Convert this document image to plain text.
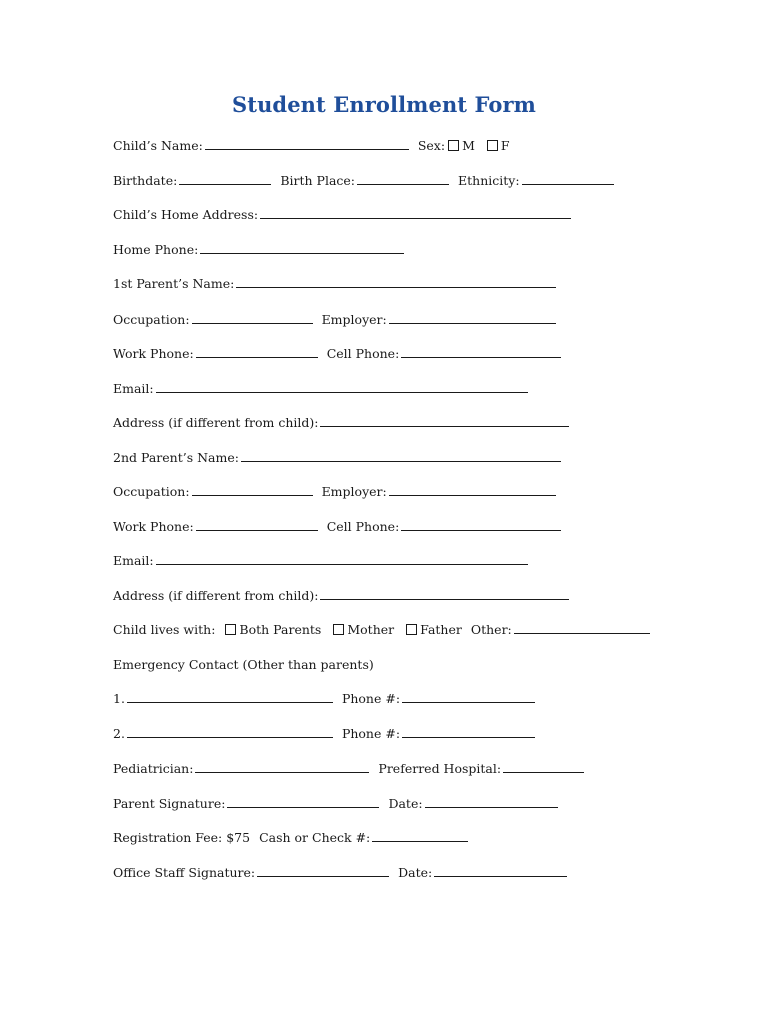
Student Enrollment Form
Child’s Name:	Sex: M F
Birthdate:	Birth Place:	Ethnicity:
Child’s Home Address:
Home Phone:
1st Parent’s Name:
Occupation:	Employer:
Work Phone:	Cell Phone:
Email:
Address (if different from child):
2nd Parent’s Name:
Occupation:	Employer:
Work Phone:	Cell Phone:
Email:
Address (if different from child):
Child lives with: Both Parents Mother Father Other:
Emergency Contact (Other than parents)
1.	Phone #:
2.	Phone #:
Pediatrician:	Preferred Hospital:
Parent Signature:	Date:
Registration Fee: $75 Cash or Check #:
Office Staff Signature:	Date:
